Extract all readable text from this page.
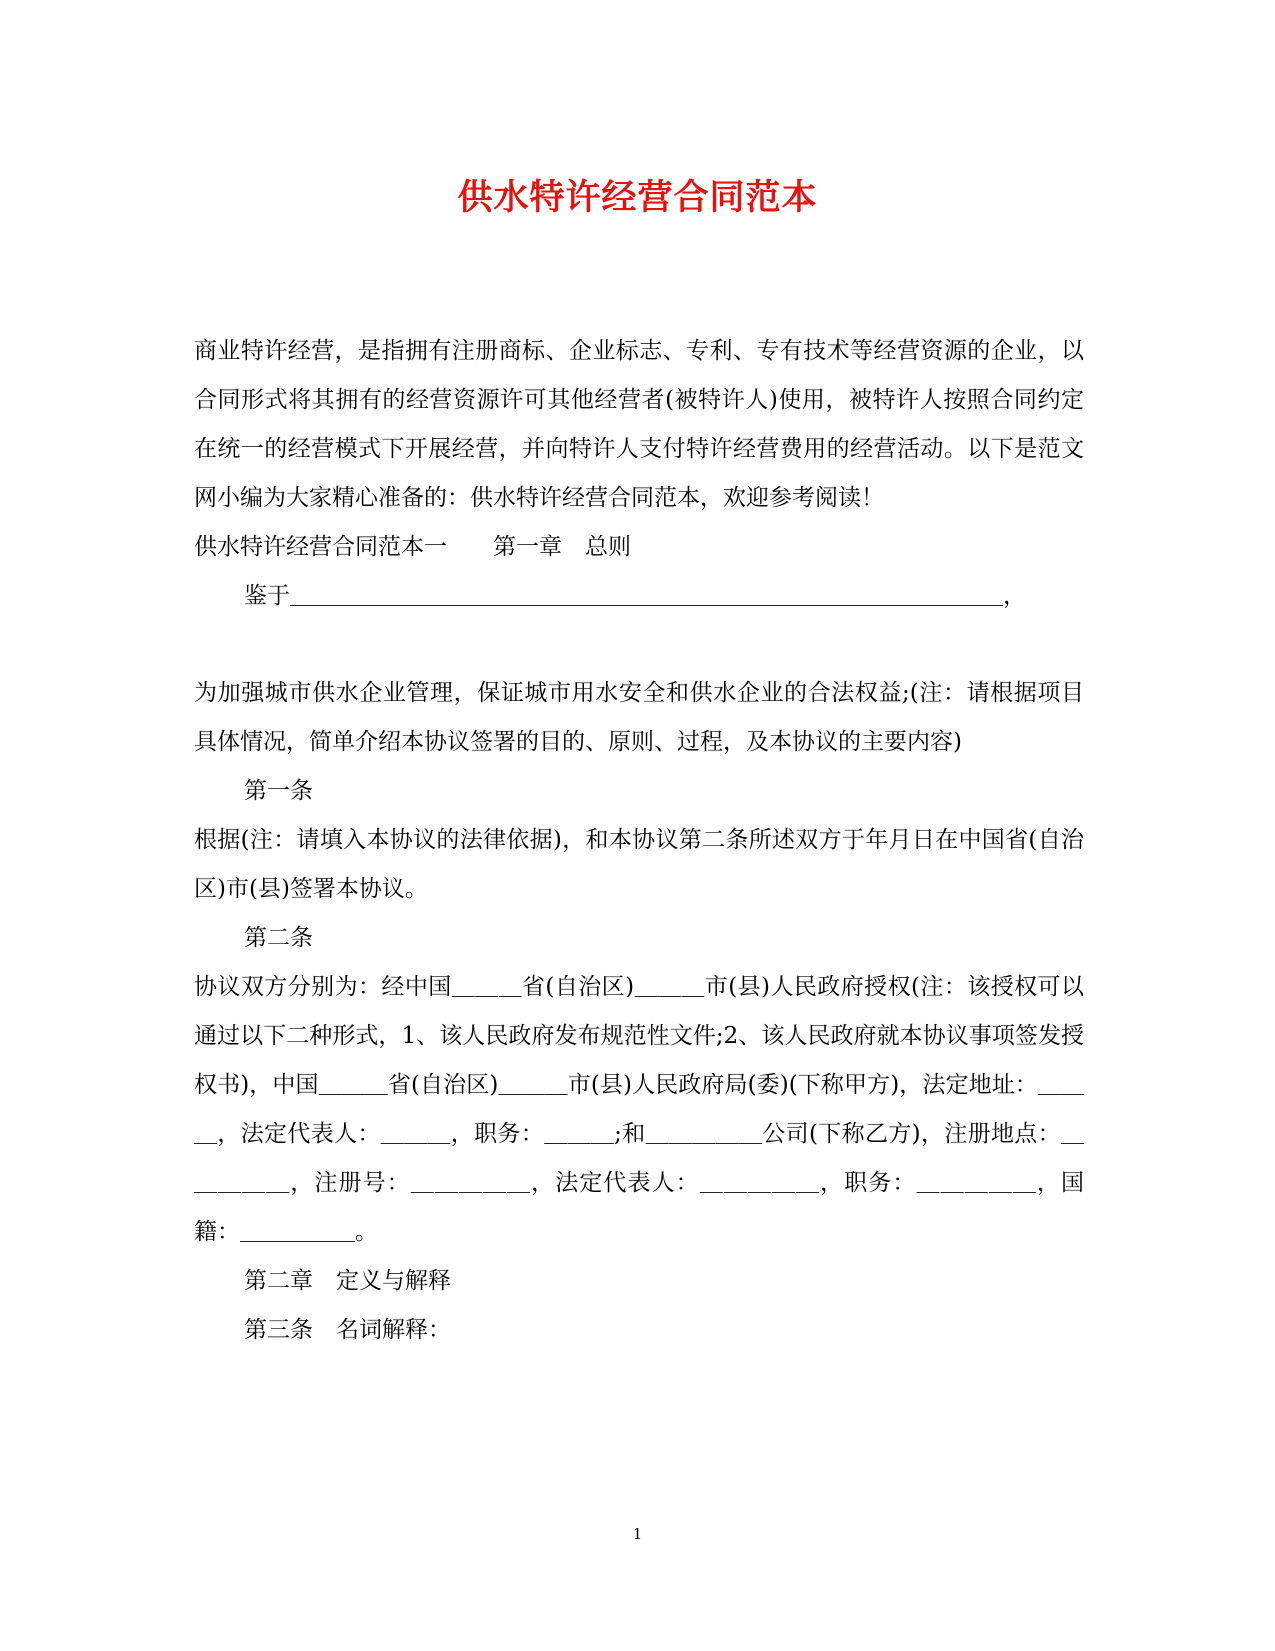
供水特许经营合同范本

商业特许经营，是指拥有注册商标、企业标志、专利、专有技术等经营资源的企业，以合同形式将其拥有的经营资源许可其他经营者(被特许人)使用，被特许人按照合同约定在统一的经营模式下开展经营，并向特许人支付特许经营费用的经营活动。以下是范文网小编为大家精心准备的：供水特许经营合同范本，欢迎参考阅读！

供水特许经营合同范本一　　第一章　总则

鉴于＿＿＿＿＿＿＿＿＿＿＿＿＿＿＿＿＿＿＿＿＿＿＿＿＿＿＿＿＿＿＿，

为加强城市供水企业管理，保证城市用水安全和供水企业的合法权益;(注：请根据项目具体情况，简单介绍本协议签署的目的、原则、过程，及本协议的主要内容)

第一条

根据(注：请填入本协议的法律依据)，和本协议第二条所述双方于年月日在中国省(自治区)市(县)签署本协议。

第二条

协议双方分别为：经中国＿＿＿省(自治区)＿＿＿市(县)人民政府授权(注：该授权可以通过以下二种形式，1、该人民政府发布规范性文件;2、该人民政府就本协议事项签发授权书)，中国＿＿＿省(自治区)＿＿＿市(县)人民政府局(委)(下称甲方)，法定地址：＿＿＿，法定代表人：＿＿＿，职务：＿＿＿;和＿＿＿＿＿公司(下称乙方)，注册地点：＿＿＿＿＿，注册号：＿＿＿＿＿，法定代表人：＿＿＿＿＿，职务：＿＿＿＿＿，国籍：＿＿＿＿＿。

第二章　定义与解释

第三条　名词解释：

1
